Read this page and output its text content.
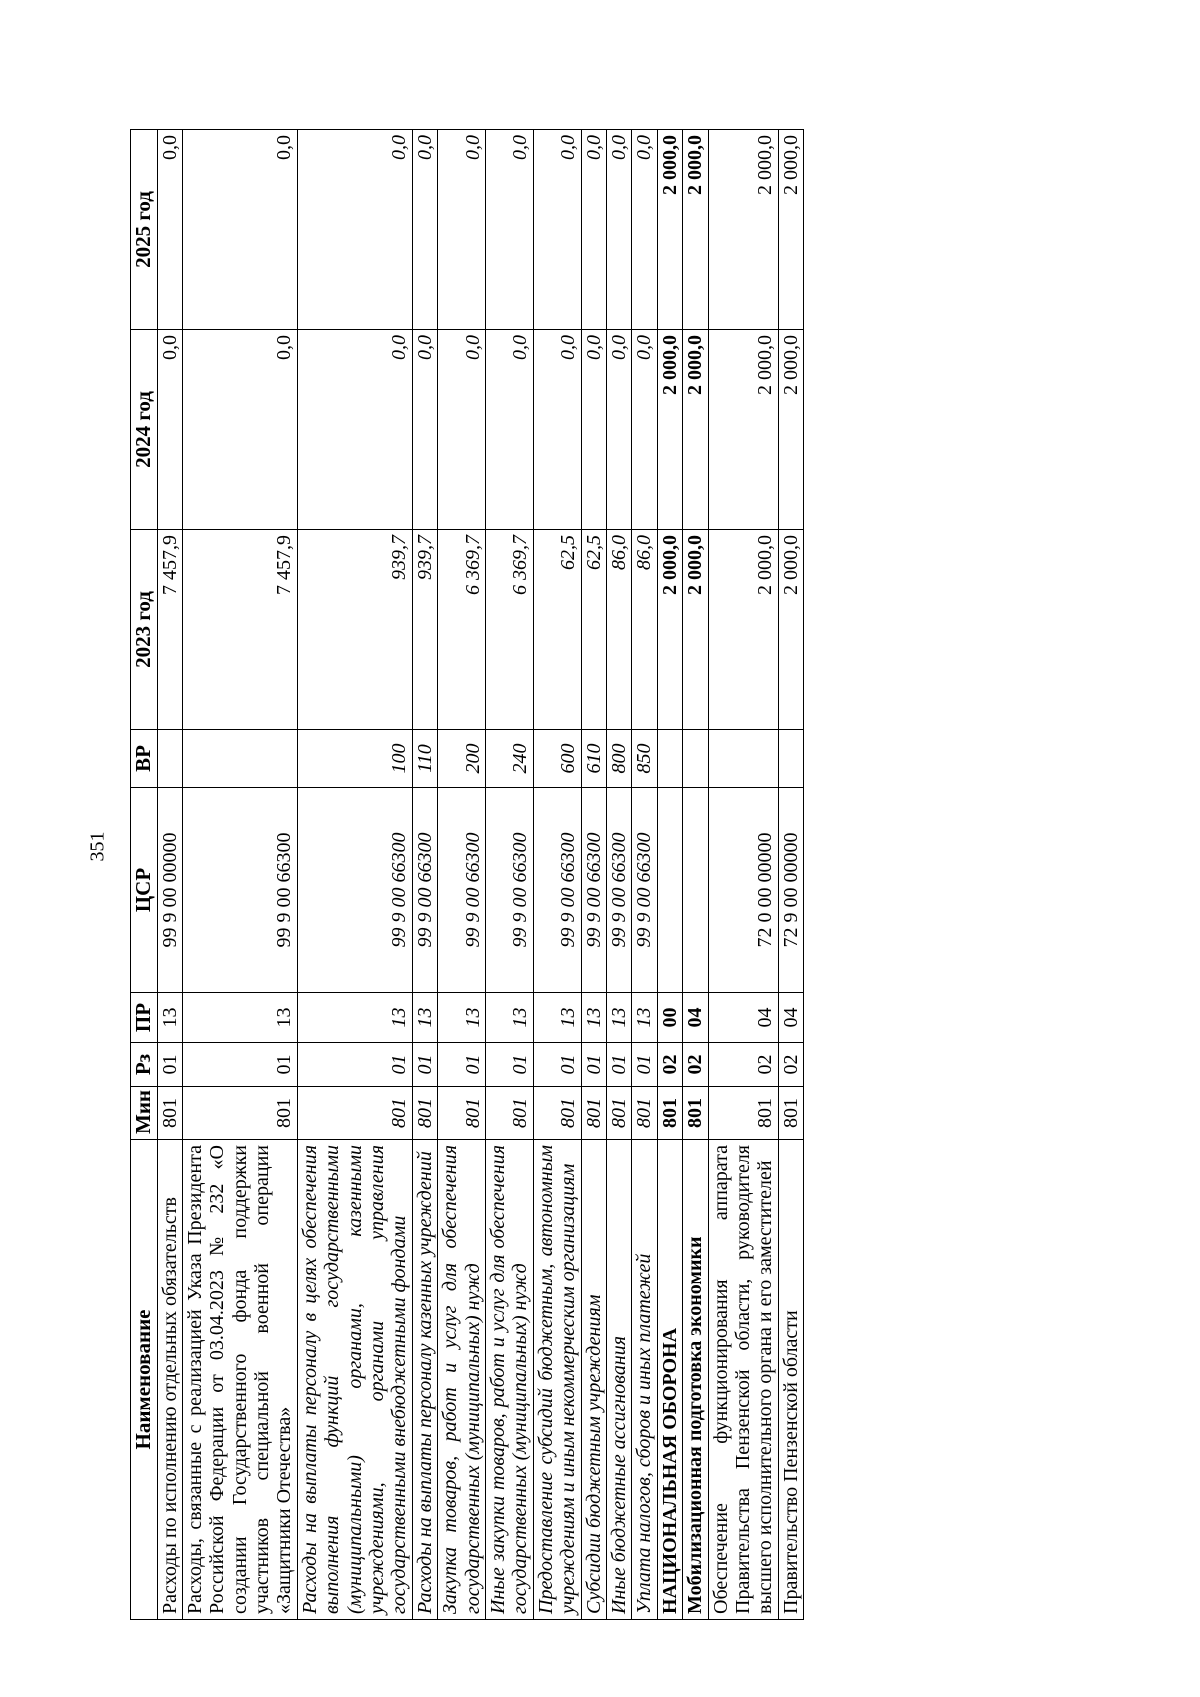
351
Наименование	Мин	Рз	ПР	ЦСР	ВР	2023 год	2024 год	2025 год
Расходы по исполнению отдельных обязательств	801	01	13	99 9 00 00000		7 457,9	0,0	0,0
Расходы, связанные с реализацией Указа Президента Российской Федерации от 03.04.2023 № 232 «О создании Государственного фонда поддержки участников специальной военной операции «Защитники Отечества»	801	01	13	99 9 00 66300		7 457,9	0,0	0,0
Расходы на выплаты персоналу в целях обеспечения выполнения функций государственными (муниципальными) органами, казенными учреждениями, органами управления государственными внебюджетными фондами	801	01	13	99 9 00 66300	100	939,7	0,0	0,0
Расходы на выплаты персоналу казенных учреждений	801	01	13	99 9 00 66300	110	939,7	0,0	0,0
Закупка товаров, работ и услуг для обеспечения государственных (муниципальных) нужд	801	01	13	99 9 00 66300	200	6 369,7	0,0	0,0
Иные закупки товаров, работ и услуг для обеспечения государственных (муниципальных) нужд	801	01	13	99 9 00 66300	240	6 369,7	0,0	0,0
Предоставление субсидий бюджетным, автономным учреждениям и иным некоммерческим организациям	801	01	13	99 9 00 66300	600	62,5	0,0	0,0
Субсидии бюджетным учреждениям	801	01	13	99 9 00 66300	610	62,5	0,0	0,0
Иные бюджетные ассигнования	801	01	13	99 9 00 66300	800	86,0	0,0	0,0
Уплата налогов, сборов и иных платежей	801	01	13	99 9 00 66300	850	86,0	0,0	0,0
НАЦИОНАЛЬНАЯ ОБОРОНА	801	02	00			2 000,0	2 000,0	2 000,0
Мобилизационная подготовка экономики	801	02	04			2 000,0	2 000,0	2 000,0
Обеспечение функционирования аппарата Правительства Пензенской области, руководителя высшего исполнительного органа и его заместителей	801	02	04	72 0 00 00000		2 000,0	2 000,0	2 000,0
Правительство Пензенской области	801	02	04	72 9 00 00000		2 000,0	2 000,0	2 000,0
